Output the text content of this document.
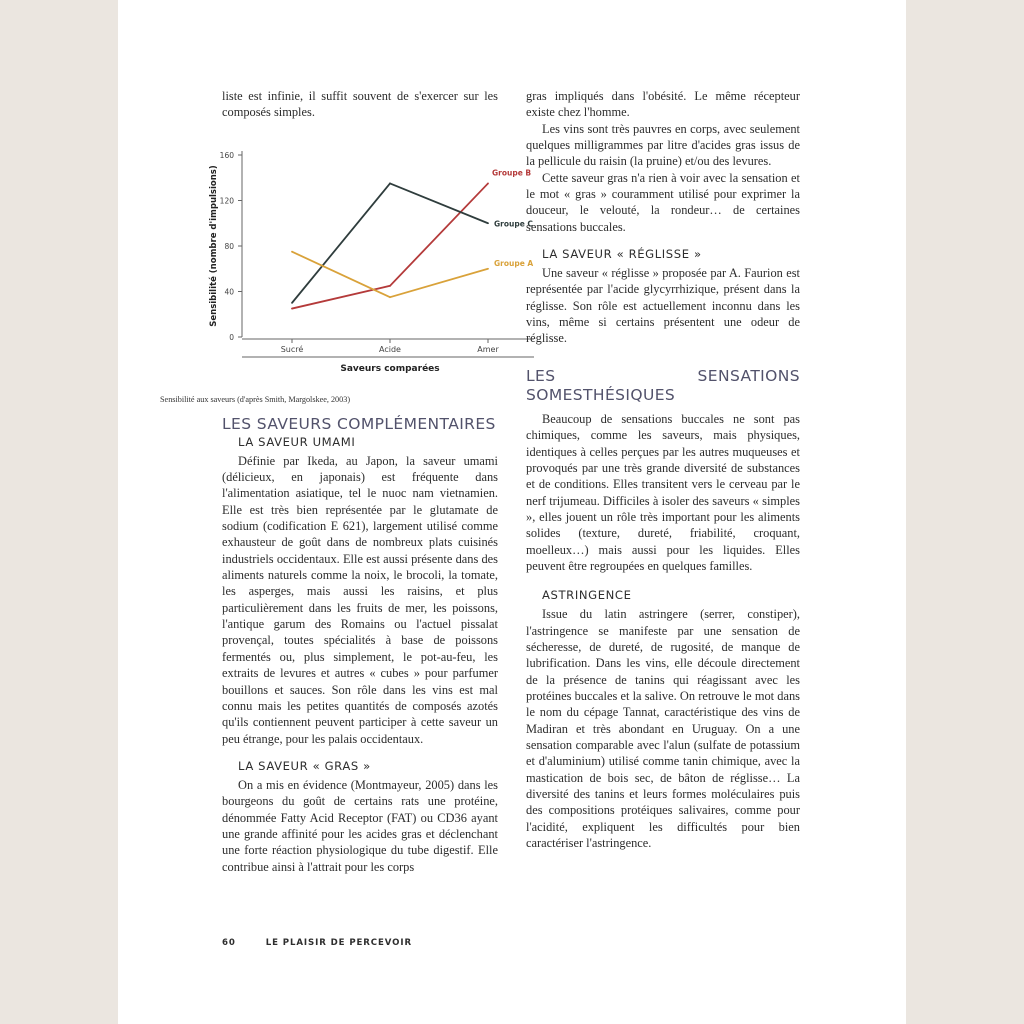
liste est infinie, il suffit souvent de s'exercer sur les composés simples.

0
40
80
120
160
Sucré	Acide	Amer
Saveurs comparées
Sensibilité (nombre d'impulsions)	Groupe B
Groupe C
Groupe A
Sensibilité aux saveurs (d'après Smith, Margolskee, 2003)
LES SAVEURS COMPLÉMENTAIRES
LA SAVEUR UMAMI

Définie par Ikeda, au Japon, la saveur umami (délicieux, en japonais) est fréquente dans l'alimentation asiatique, tel le nuoc nam vietnamien. Elle est très bien représentée par le glutamate de sodium (codification E 621), largement utilisé comme exhausteur de goût dans de nombreux plats cuisinés industriels occidentaux. Elle est aussi présente dans des aliments naturels comme la noix, le brocoli, la tomate, les asperges, mais aussi les raisins, et plus particulièrement dans les fruits de mer, les poissons, l'antique garum des Romains ou l'actuel pissalat provençal, toutes spécialités à base de poissons fermentés ou, plus simplement, le pot-au-feu, les extraits de levures et autres « cubes » pour parfumer bouillons et sauces. Son rôle dans les vins est mal connu mais les petites quantités de composés azotés qu'ils contiennent peuvent participer à cette saveur un peu étrange, pour les palais occidentaux.

LA SAVEUR « GRAS »

On a mis en évidence (Montmayeur, 2005) dans les bourgeons du goût de certains rats une protéine, dénommée Fatty Acid Receptor (FAT) ou CD36 ayant une grande affinité pour les acides gras et déclenchant une forte réaction physiologique du tube digestif. Elle contribue ainsi à l'attrait pour les corps

gras impliqués dans l'obésité. Le même récepteur existe chez l'homme.

Les vins sont très pauvres en corps, avec seulement quelques milligrammes par litre d'acides gras issus de la pellicule du raisin (la pruine) et/ou des levures.

Cette saveur gras n'a rien à voir avec la sensation et le mot « gras » couramment utilisé pour exprimer la douceur, le velouté, la rondeur… de certaines sensations buccales.

LA SAVEUR « RÉGLISSE »

Une saveur « réglisse » proposée par A. Faurion est représentée par l'acide glycyrrhizique, présent dans la réglisse. Son rôle est actuellement inconnu dans les vins, même si certains présentent une odeur de réglisse.

LES SENSATIONS SOMESTHÉSIQUES

Beaucoup de sensations buccales ne sont pas chimiques, comme les saveurs, mais physiques, identiques à celles perçues par les autres muqueuses et provoqués par une très grande diversité de substances et de conditions. Elles transitent vers le cerveau par le nerf trijumeau. Difficiles à isoler des saveurs « simples », elles jouent un rôle très important pour les aliments solides (texture, dureté, friabilité, croquant, moelleux…) mais aussi pour les liquides. Elles peuvent être regroupées en quelques familles.

ASTRINGENCE

Issue du latin astringere (serrer, constiper), l'astringence se manifeste par une sensation de sécheresse, de dureté, de rugosité, de manque de lubrification. Dans les vins, elle découle directement de la présence de tanins qui réagissant avec les protéines buccales et la salive. On retrouve le mot dans le nom du cépage Tannat, caractéristique des vins de Madiran et très abondant en Uruguay. On a une sensation comparable avec l'alun (sulfate de potassium et d'aluminium) utilisé comme tanin chimique, avec la mastication de bois sec, de bâton de réglisse… La diversité des tanins et leurs formes moléculaires puis des compositions protéiques salivaires, comme pour l'acidité, expliquent les difficultés pour bien caractériser l'astringence.

60	LE PLAISIR DE PERCEVOIR
